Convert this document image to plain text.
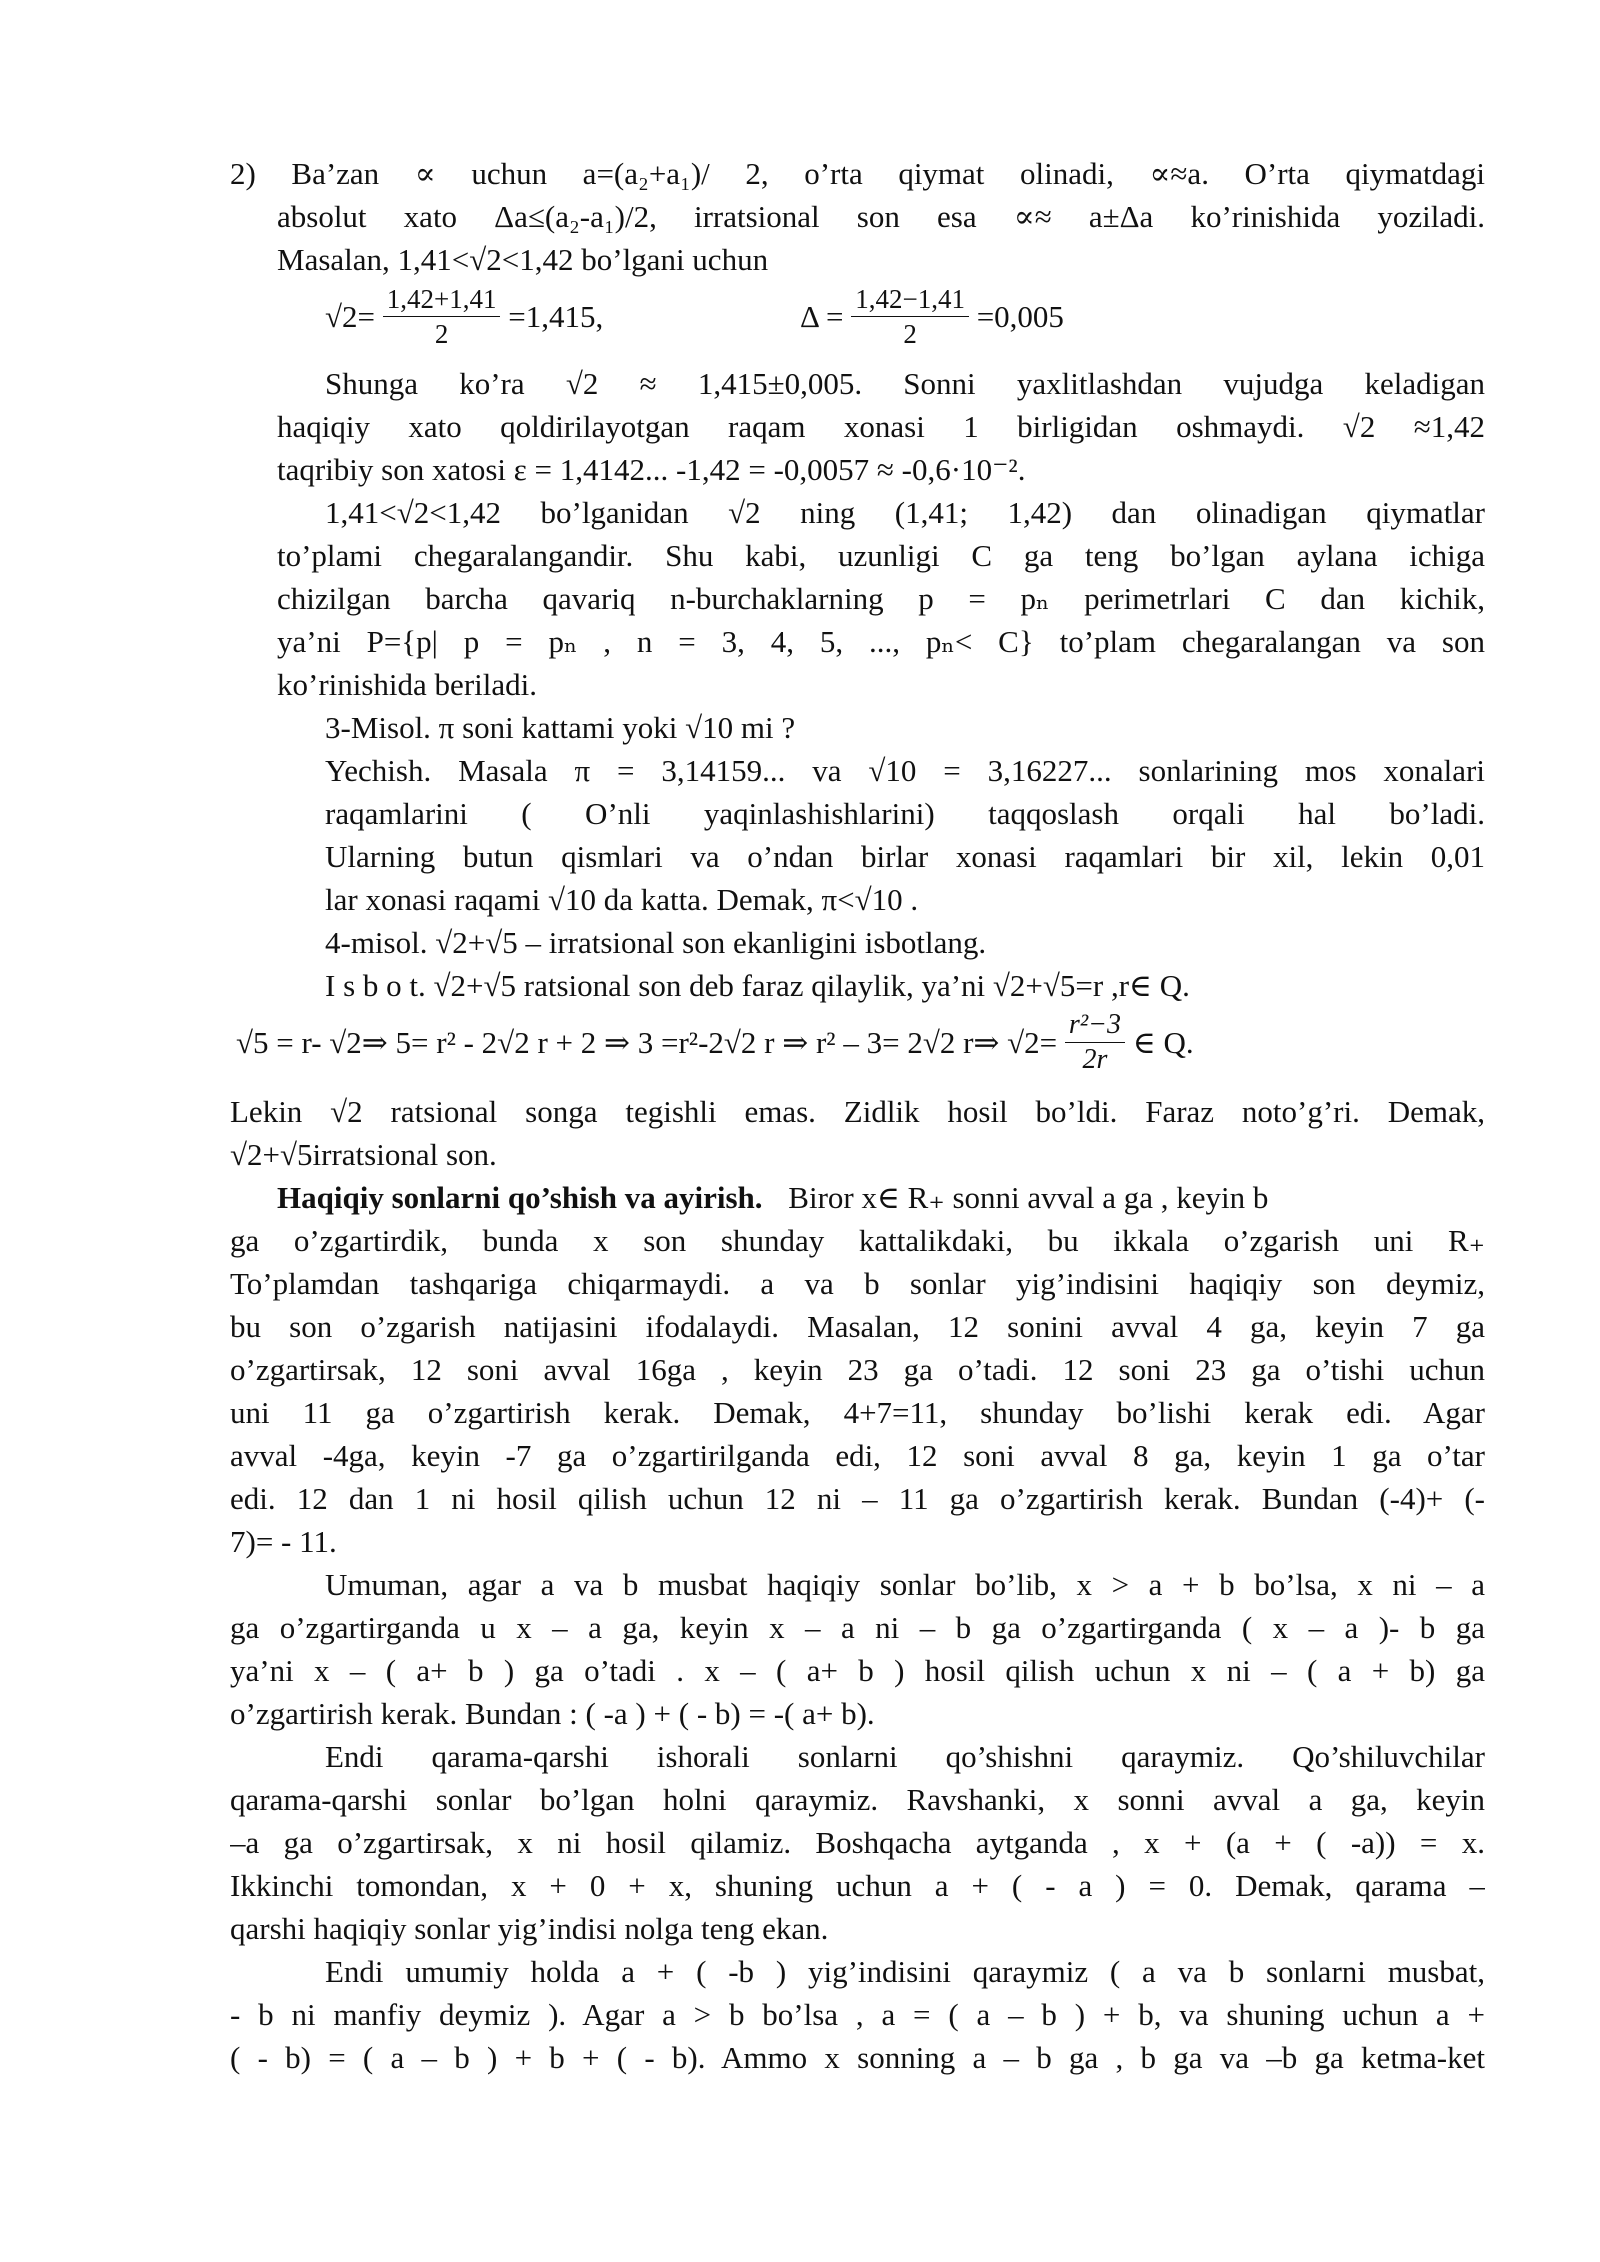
2) Ba’zan ∝ uchun a=(a₂+a₁)/ 2, o’rta qiymat olinadi, ∝≈a. O’rta qiymatdagi
absolut xato Δa≤(a₂-a₁)/2, irratsional son esa ∝≈ a±Δa ko’rinishida yoziladi.
Masalan, 1,41<√2<1,42 bo’lgani uchun
$√2= \frac{1,42+1,41}{2} =1,415$,	$\Delta = \frac{1,42-1,41}{2} =0,005$
Shunga ko’ra √2 ≈ 1,415±0,005. Sonni yaxlitlashdan vujudga keladigan
haqiqiy xato qoldirilayotgan raqam xonasi 1 birligidan oshmaydi. √2 ≈1,42
taqribiy son xatosi ε = 1,4142... -1,42 = -0,0057 ≈ -0,6·10⁻².
1,41<√2<1,42 bo’lganidan √2 ning (1,41; 1,42) dan olinadigan qiymatlar
to’plami chegaralangandir. Shu kabi, uzunligi C ga teng bo’lgan aylana ichiga
chizilgan barcha qavariq n-burchaklarning p = pₙ perimetrlari C dan kichik,
ya’ni P={p| p = pₙ , n = 3, 4, 5, ..., pₙ< C} to’plam chegaralangan va son
ko’rinishida beriladi.
3-Misol. π soni kattami yoki √10 mi ?
Yechish. Masala π = 3,14159... va √10 = 3,16227... sonlarining mos xonalari
raqamlarini ( O’nli yaqinlashishlarini) taqqoslash orqali hal bo’ladi.
Ularning butun qismlari va o’ndan birlar xonasi raqamlari bir xil, lekin 0,01
lar xonasi raqami √10 da katta. Demak, π<√10 .
4-misol. √2+√5 – irratsional son ekanligini isbotlang.
I s b o t. √2+√5 ratsional son deb faraz qilaylik, ya’ni √2+√5=r ,r∈ Q.
√5 = r- √2⇒ 5= r² - 2√2 r + 2 ⇒ 3 =r²-2√2 r ⇒ r² – 3= 2√2 r⇒ $√2= \frac{\text{r²−3}}{2r}$ ∈ Q.
Lekin √2 ratsional songa tegishli emas. Zidlik hosil bo’ldi. Faraz noto’g’ri. Demak,
√2+√5irratsional son.
Haqiqiy sonlarni qo’shish va ayirish. Biror x∈ R₊ sonni avval a ga , keyin b
ga o’zgartirdik, bunda x son shunday kattalikdaki, bu ikkala o’zgarish uni R₊
To’plamdan tashqariga chiqarmaydi. a va b sonlar yig’indisini haqiqiy son deymiz,
bu son o’zgarish natijasini ifodalaydi. Masalan, 12 sonini avval 4 ga, keyin 7 ga
o’zgartirsak, 12 soni avval 16ga , keyin 23 ga o’tadi. 12 soni 23 ga o’tishi uchun
uni 11 ga o’zgartirish kerak. Demak, 4+7=11, shunday bo’lishi kerak edi. Agar
avval -4ga, keyin -7 ga o’zgartirilganda edi, 12 soni avval 8 ga, keyin 1 ga o’tar
edi. 12 dan 1 ni hosil qilish uchun 12 ni – 11 ga o’zgartirish kerak. Bundan (-4)+ (-
7)= - 11.
Umuman, agar a va b musbat haqiqiy sonlar bo’lib, x > a + b bo’lsa, x ni – a
ga o’zgartirganda u x – a ga, keyin x – a ni – b ga o’zgartirganda ( x – a )- b ga
ya’ni x – ( a+ b ) ga o’tadi . x – ( a+ b ) hosil qilish uchun x ni – ( a + b) ga
o’zgartirish kerak. Bundan : ( -a ) + ( - b) = -( a+ b).
Endi qarama-qarshi ishorali sonlarni qo’shishni qaraymiz. Qo’shiluvchilar
qarama-qarshi sonlar bo’lgan holni qaraymiz. Ravshanki, x sonni avval a ga, keyin
–a ga o’zgartirsak, x ni hosil qilamiz. Boshqacha aytganda , x + (a + ( -a)) = x.
Ikkinchi tomondan, x + 0 + x, shuning uchun a + ( - a ) = 0. Demak, qarama –
qarshi haqiqiy sonlar yig’indisi nolga teng ekan.
Endi umumiy holda a + ( -b ) yig’indisini qaraymiz ( a va b sonlarni musbat,
- b ni manfiy deymiz ). Agar a > b bo’lsa , a = ( a – b ) + b, va shuning uchun a +
( - b) = ( a – b ) + b + ( - b). Ammo x sonning a – b ga , b ga va –b ga ketma-ket
